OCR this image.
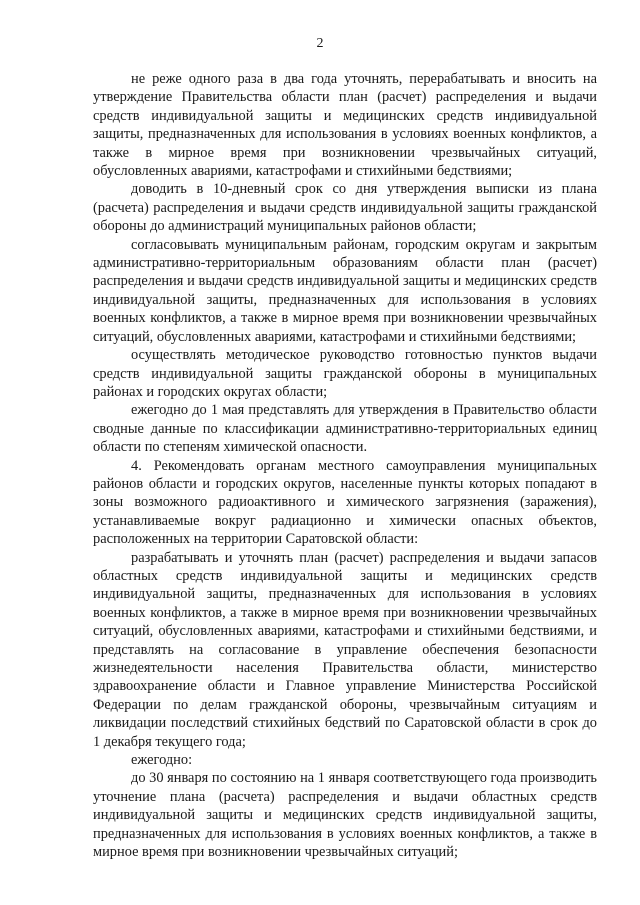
2

не реже одного раза в два года уточнять, перерабатывать и вносить на утверждение Правительства области план (расчет) распределения и выдачи средств индивидуальной защиты и медицинских средств индивидуальной защиты, предназначенных для использования в условиях военных конфликтов, а также в мирное время при возникновении чрезвычайных ситуаций, обусловленных авариями, катастрофами и стихийными бедствиями;

доводить в 10-дневный срок со дня утверждения выписки из плана (расчета) распределения и выдачи средств индивидуальной защиты гражданской обороны до администраций муниципальных районов области;

согласовывать муниципальным районам, городским округам и закрытым административно-территориальным образованиям области план (расчет) распределения и выдачи средств индивидуальной защиты и медицинских средств индивидуальной защиты, предназначенных для использования в условиях военных конфликтов, а также в мирное время при возникновении чрезвычайных ситуаций, обусловленных авариями, катастрофами и стихийными бедствиями;

осуществлять методическое руководство готовностью пунктов выдачи средств индивидуальной защиты гражданской обороны в муниципальных районах и городских округах области;

ежегодно до 1 мая представлять для утверждения в Правительство области сводные данные по классификации административно-территориальных единиц области по степеням химической опасности.

4. Рекомендовать органам местного самоуправления муниципальных районов области и городских округов, населенные пункты которых попадают в зоны возможного радиоактивного и химического загрязнения (заражения), устанавливаемые вокруг радиационно и химически опасных объектов, расположенных на территории Саратовской области:

разрабатывать и уточнять план (расчет) распределения и выдачи запасов областных средств индивидуальной защиты и медицинских средств индивидуальной защиты, предназначенных для использования в условиях военных конфликтов, а также в мирное время при возникновении чрезвычайных ситуаций, обусловленных авариями, катастрофами и стихийными бедствиями, и представлять на согласование в управление обеспечения безопасности жизнедеятельности населения Правительства области, министерство здравоохранение области и Главное управление Министерства Российской Федерации по делам гражданской обороны, чрезвычайным ситуациям и ликвидации последствий стихийных бедствий по Саратовской области в срок до 1 декабря текущего года;

ежегодно:

до 30 января по состоянию на 1 января соответствующего года производить уточнение плана (расчета) распределения и выдачи областных средств индивидуальной защиты и медицинских средств индивидуальной защиты, предназначенных для использования в условиях военных конфликтов, а также в мирное время при возникновении чрезвычайных ситуаций;
